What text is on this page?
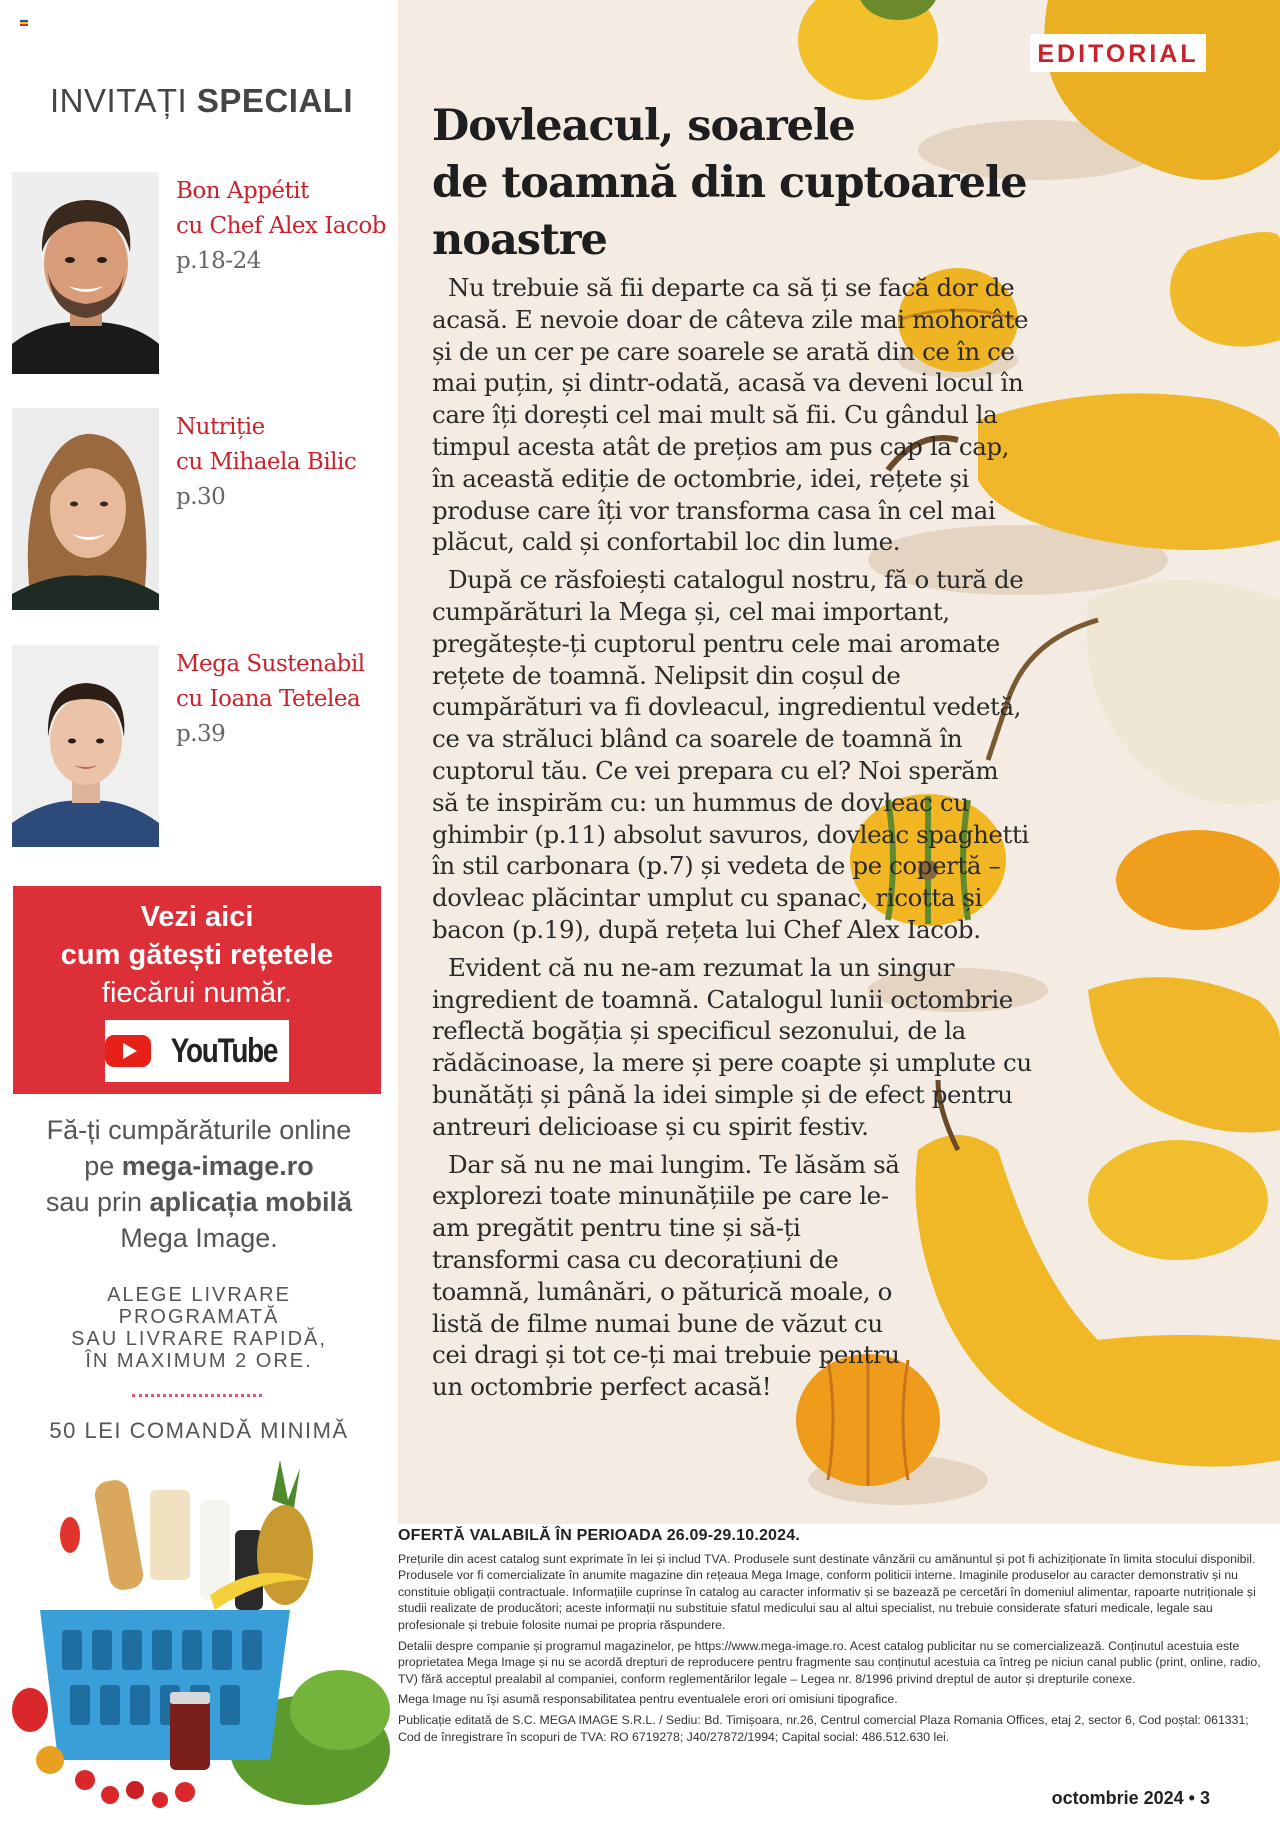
INVITAȚI SPECIALI
Bon Appétit
cu Chef Alex Iacob
p.18-24
Nutriție
cu Mihaela Bilic
p.30
Mega Sustenabil
cu Ioana Tetelea
p.39
Vezi aici
cum gătești rețetele
fiecărui număr.
YouTube
Fă-ți cumpărăturile online
pe mega-image.ro
sau prin aplicația mobilă
Mega Image.
ALEGE LIVRARE
PROGRAMATĂ
SAU LIVRARE RAPIDĂ,
ÎN MAXIMUM 2 ORE.
50 LEI COMANDĂ MINIMĂ
EDITORIAL
Dovleacul, soarele
de toamnă din cuptoarele
noastre

Nu trebuie să fii departe ca să ți se facă dor de acasă. E nevoie doar de câteva zile mai mohorâte și de un cer pe care soarele se arată din ce în ce mai puțin, și dintr-odată, acasă va deveni locul în care îți dorești cel mai mult să fii. Cu gândul la timpul acesta atât de prețios am pus cap la cap, în această ediție de octombrie, idei, rețete și produse care îți vor transforma casa în cel mai plăcut, cald și confortabil loc din lume.

După ce răsfoiești catalogul nostru, fă o tură de cumpărături la Mega și, cel mai important, pregătește-ți cuptorul pentru cele mai aromate rețete de toamnă. Nelipsit din coșul de cumpărături va fi dovleacul, ingredientul vedetă, ce va străluci blând ca soarele de toamnă în cuptorul tău. Ce vei prepara cu el? Noi sperăm să te inspirăm cu: un hummus de dovleac cu ghimbir (p.11) absolut savuros, dovleac spaghetti în stil carbonara (p.7) și vedeta de pe copertă – dovleac plăcintar umplut cu spanac, ricotta și bacon (p.19), după rețeta lui Chef Alex Iacob.

Evident că nu ne-am rezumat la un singur ingredient de toamnă. Catalogul lunii octombrie reflectă bogăția și specificul sezonului, de la rădăcinoase, la mere și pere coapte și umplute cu bunătăți și până la idei simple și de efect pentru antreuri delicioase și cu spirit festiv.

Dar să nu ne mai lungim. Te lăsăm să explorezi toate minunățiile pe care le-am pregătit pentru tine și să-ți transformi casa cu decorațiuni de toamnă, lumânări, o păturică moale, o listă de filme numai bune de văzut cu cei dragi și tot ce-ți mai trebuie pentru un octombrie perfect acasă!

OFERTĂ VALABILĂ ÎN PERIOADA 26.09-29.10.2024.

Prețurile din acest catalog sunt exprimate în lei și includ TVA. Produsele sunt destinate vânzării cu amănuntul și pot fi achiziționate în limita stocului disponibil. Produsele vor fi comercializate în anumite magazine din rețeaua Mega Image, conform politicii interne. Imaginile produselor au caracter demonstrativ și nu constituie obligații contractuale. Informațiile cuprinse în catalog au caracter informativ și se bazează pe cercetări în domeniul alimentar, rapoarte nutriționale și studii realizate de producători; aceste informații nu substituie sfatul medicului sau al altui specialist, nu trebuie considerate sfaturi medicale, legale sau profesionale și trebuie folosite numai pe propria răspundere.

Detalii despre companie și programul magazinelor, pe https://www.mega-image.ro. Acest catalog publicitar nu se comercializează. Conținutul acestuia este proprietatea Mega Image și nu se acordă drepturi de reproducere pentru fragmente sau conținutul acestuia ca întreg pe niciun canal public (print, online, radio, TV) fără acceptul prealabil al companiei, conform reglementărilor legale – Legea nr. 8/1996 privind dreptul de autor și drepturile conexe.

Mega Image nu își asumă responsabilitatea pentru eventualele erori ori omisiuni tipografice.

Publicație editată de S.C. MEGA IMAGE S.R.L. / Sediu: Bd. Timișoara, nr.26, Centrul comercial Plaza Romania Offices, etaj 2, sector 6, Cod poștal: 061331; Cod de înregistrare în scopuri de TVA: RO 6719278; J40/27872/1994; Capital social: 486.512.630 lei.

octombrie 2024 • 3
